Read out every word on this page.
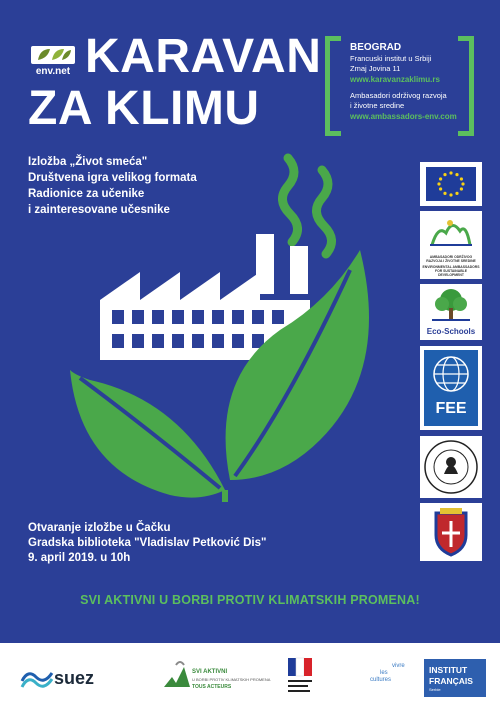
env.net KARAVAN
ZA KLIMU
BEOGRAD
Francuski institut u Srbiji
Zmaj Jovina 11
www.karavanzaklimu.rs
Ambasadori održivog razvoja
i životne sredine
www.ambassadors-env.com
Izložba „Život smeća"
Društvena igra velikog formata
Radionice za učenike
i zainteresovane učesnike
AMBASADORI ODRŽIVOG RAZVOJA I ŽIVOTNE SREDINE
ENVIRONMENTAL AMBASSADORS FOR SUSTAINABLE DEVELOPMENT
Eco-Schools
FEE
Otvaranje izložbe u Čačku
Gradska biblioteka "Vladislav Petković Dis"
9. april 2019. u 10h
SVI AKTIVNI U BORBI PROTIV KLIMATSKIH PROMENA!
suez	SVI AKTIVNI
U BORBI PROTIV KLIMATSKIH PROMENA
TOUS ACTEURS
vivre
les
cultures
INSTITUT
FRANÇAIS
Serbie
